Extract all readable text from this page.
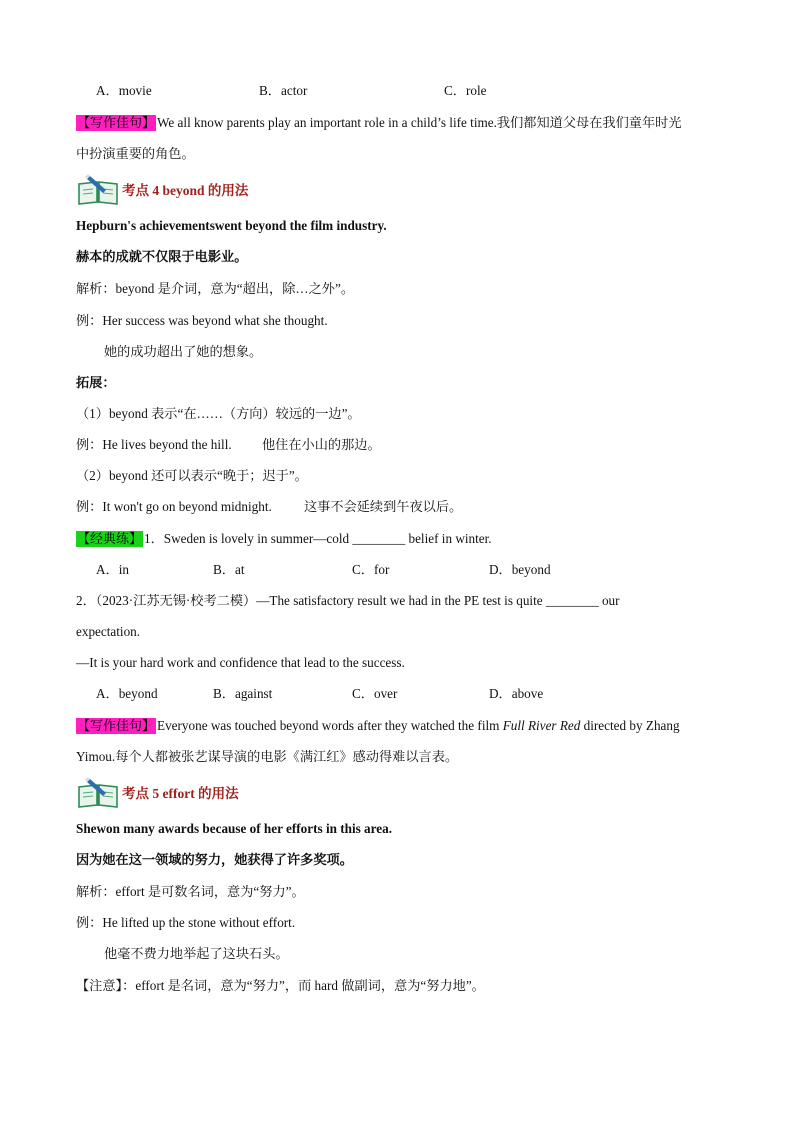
A．movie	B．actor	C．role
【写作佳句】 We all know parents play an important role in a child’s life time.我们都知道父母在我们童年时光
中扮演重要的角色。
考点 4 beyond 的用法
Hepburn's achievementswent beyond the film industry.
赫本的成就不仅限于电影业。
解析：beyond 是介词，意为“超出，除…之外”。
例：Her success was beyond what she thought.
她的成功超出了她的想象。
拓展：
（1）beyond 表示“在……（方向）较远的一边”。
例：He lives beyond the hill. 他住在小山的那边。
（2）beyond 还可以表示“晚于；迟于”。
例：It won't go on beyond midnight. 这事不会延续到午夜以后。
【经典练】 1．Sweden is lovely in summer—cold ________ belief in winter.
A．in	B．at	C．for	D．beyond
2．（2023·江苏无锡·校考二模）—The satisfactory result we had in the PE test is quite ________ our
expectation.
—It is your hard work and confidence that lead to the success.
A．beyond	B．against	C．over	D．above
【写作佳句】 Everyone was touched beyond words after they watched the film Full River Red directed by Zhang
Yimou.每个人都被张艺谋导演的电影《满江红》感动得难以言表。
考点 5 effort 的用法
Shewon many awards because of her efforts in this area.
因为她在这一领域的努力，她获得了许多奖项。
解析：effort 是可数名词，意为“努力”。
例：He lifted up the stone without effort.
他毫不费力地举起了这块石头。
【注意】：effort 是名词，意为“努力”，而 hard 做副词，意为“努力地”。
